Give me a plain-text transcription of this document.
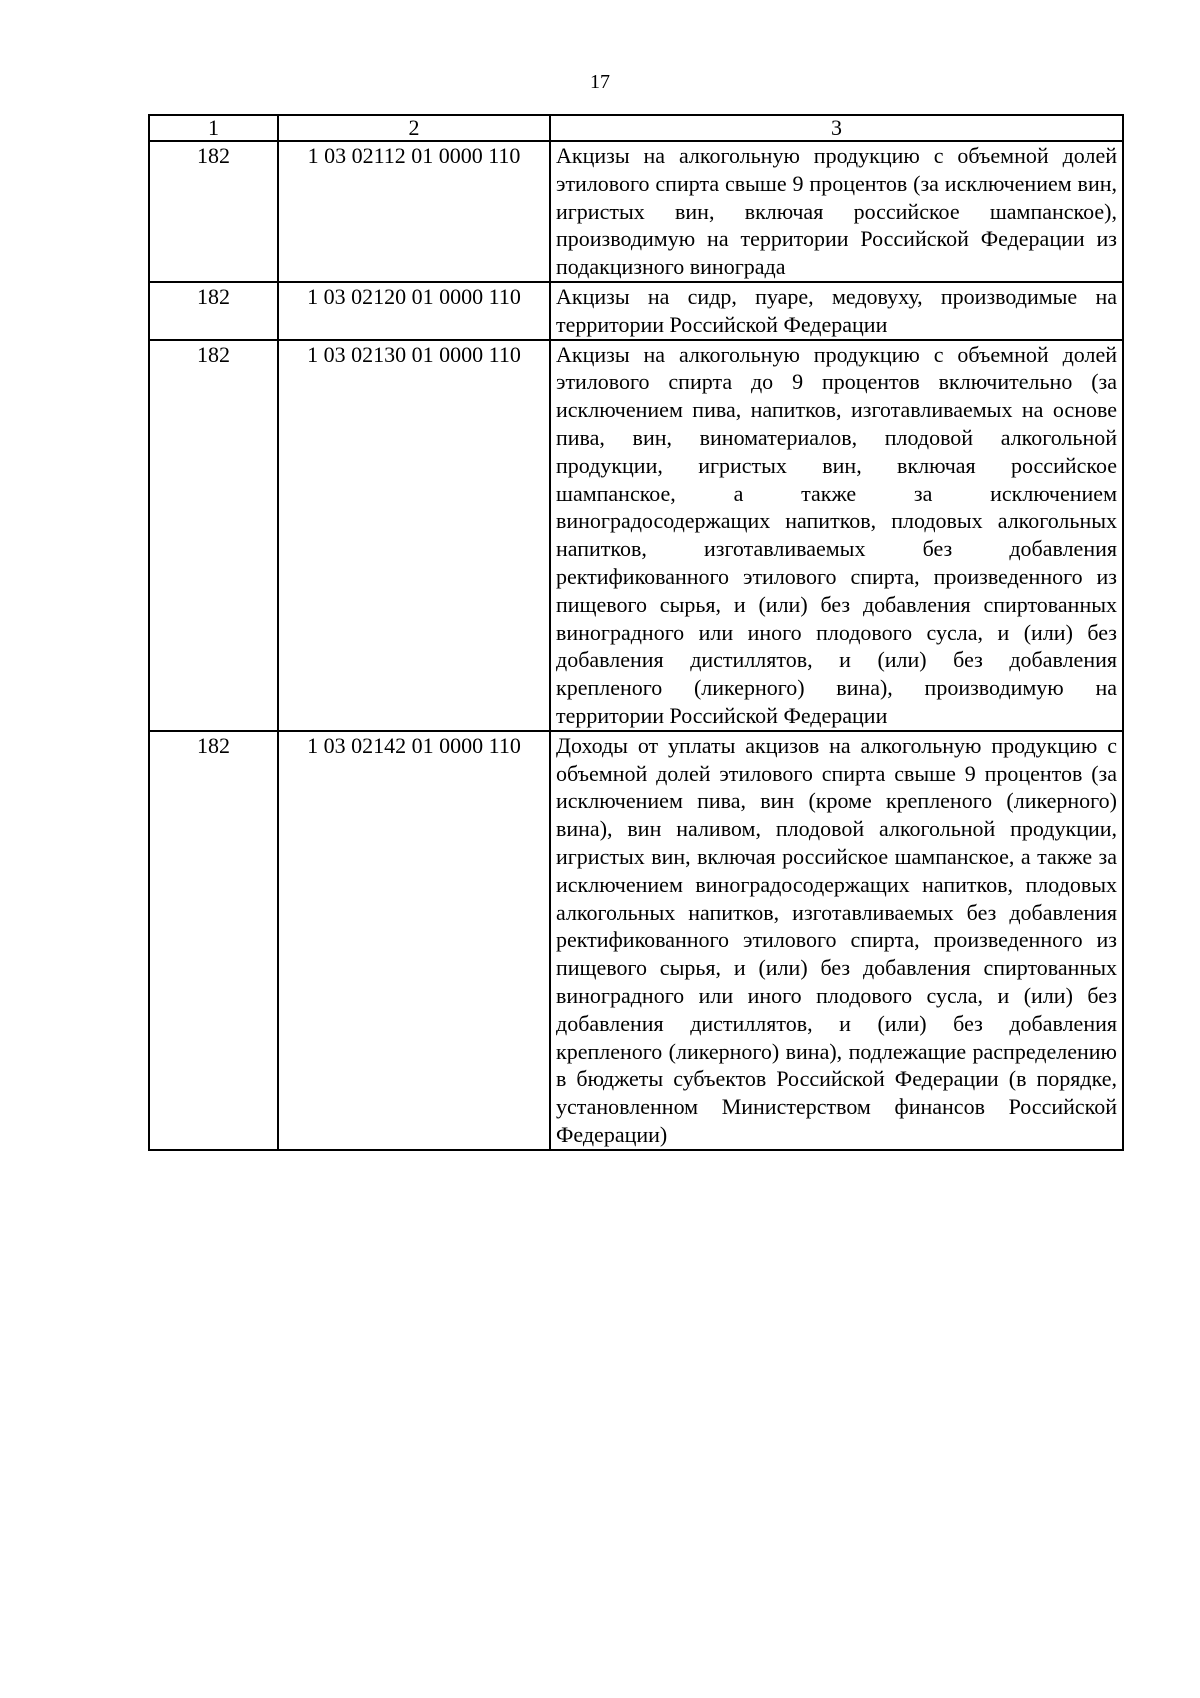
17
1	2	3
182	1 03 02112 01 0000 110	Акцизы на алкогольную продукцию с объемной долей этилового спирта свыше 9 процентов (за исключением вин, игристых вин, включая российское шампанское), производимую на территории Российской Федерации из подакцизного винограда
182	1 03 02120 01 0000 110	Акцизы на сидр, пуаре, медовуху, производимые на территории Российской Федерации
182	1 03 02130 01 0000 110	Акцизы на алкогольную продукцию с объемной долей этилового спирта до 9 процентов включительно (за исключением пива, напитков, изготавливаемых на основе пива, вин, виноматериалов, плодовой алкогольной продукции, игристых вин, включая российское шампанское, а также за исключением виноградосодержащих напитков, плодовых алкогольных напитков, изготавливаемых без добавления ректификованного этилового спирта, произведенного из пищевого сырья, и (или) без добавления спиртованных виноградного или иного плодового сусла, и (или) без добавления дистиллятов, и (или) без добавления крепленого (ликерного) вина), производимую на территории Российской Федерации
182	1 03 02142 01 0000 110	Доходы от уплаты акцизов на алкогольную продукцию с объемной долей этилового спирта свыше 9 процентов (за исключением пива, вин (кроме крепленого (ликерного) вина), вин наливом, плодовой алкогольной продукции, игристых вин, включая российское шампанское, а также за исключением виноградосодержащих напитков, плодовых алкогольных напитков, изготавливаемых без добавления ректификованного этилового спирта, произведенного из пищевого сырья, и (или) без добавления спиртованных виноградного или иного плодового сусла, и (или) без добавления дистиллятов, и (или) без добавления крепленого (ликерного) вина), подлежащие распределению в бюджеты субъектов Российской Федерации (в порядке, установленном Министерством финансов Российской Федерации)
